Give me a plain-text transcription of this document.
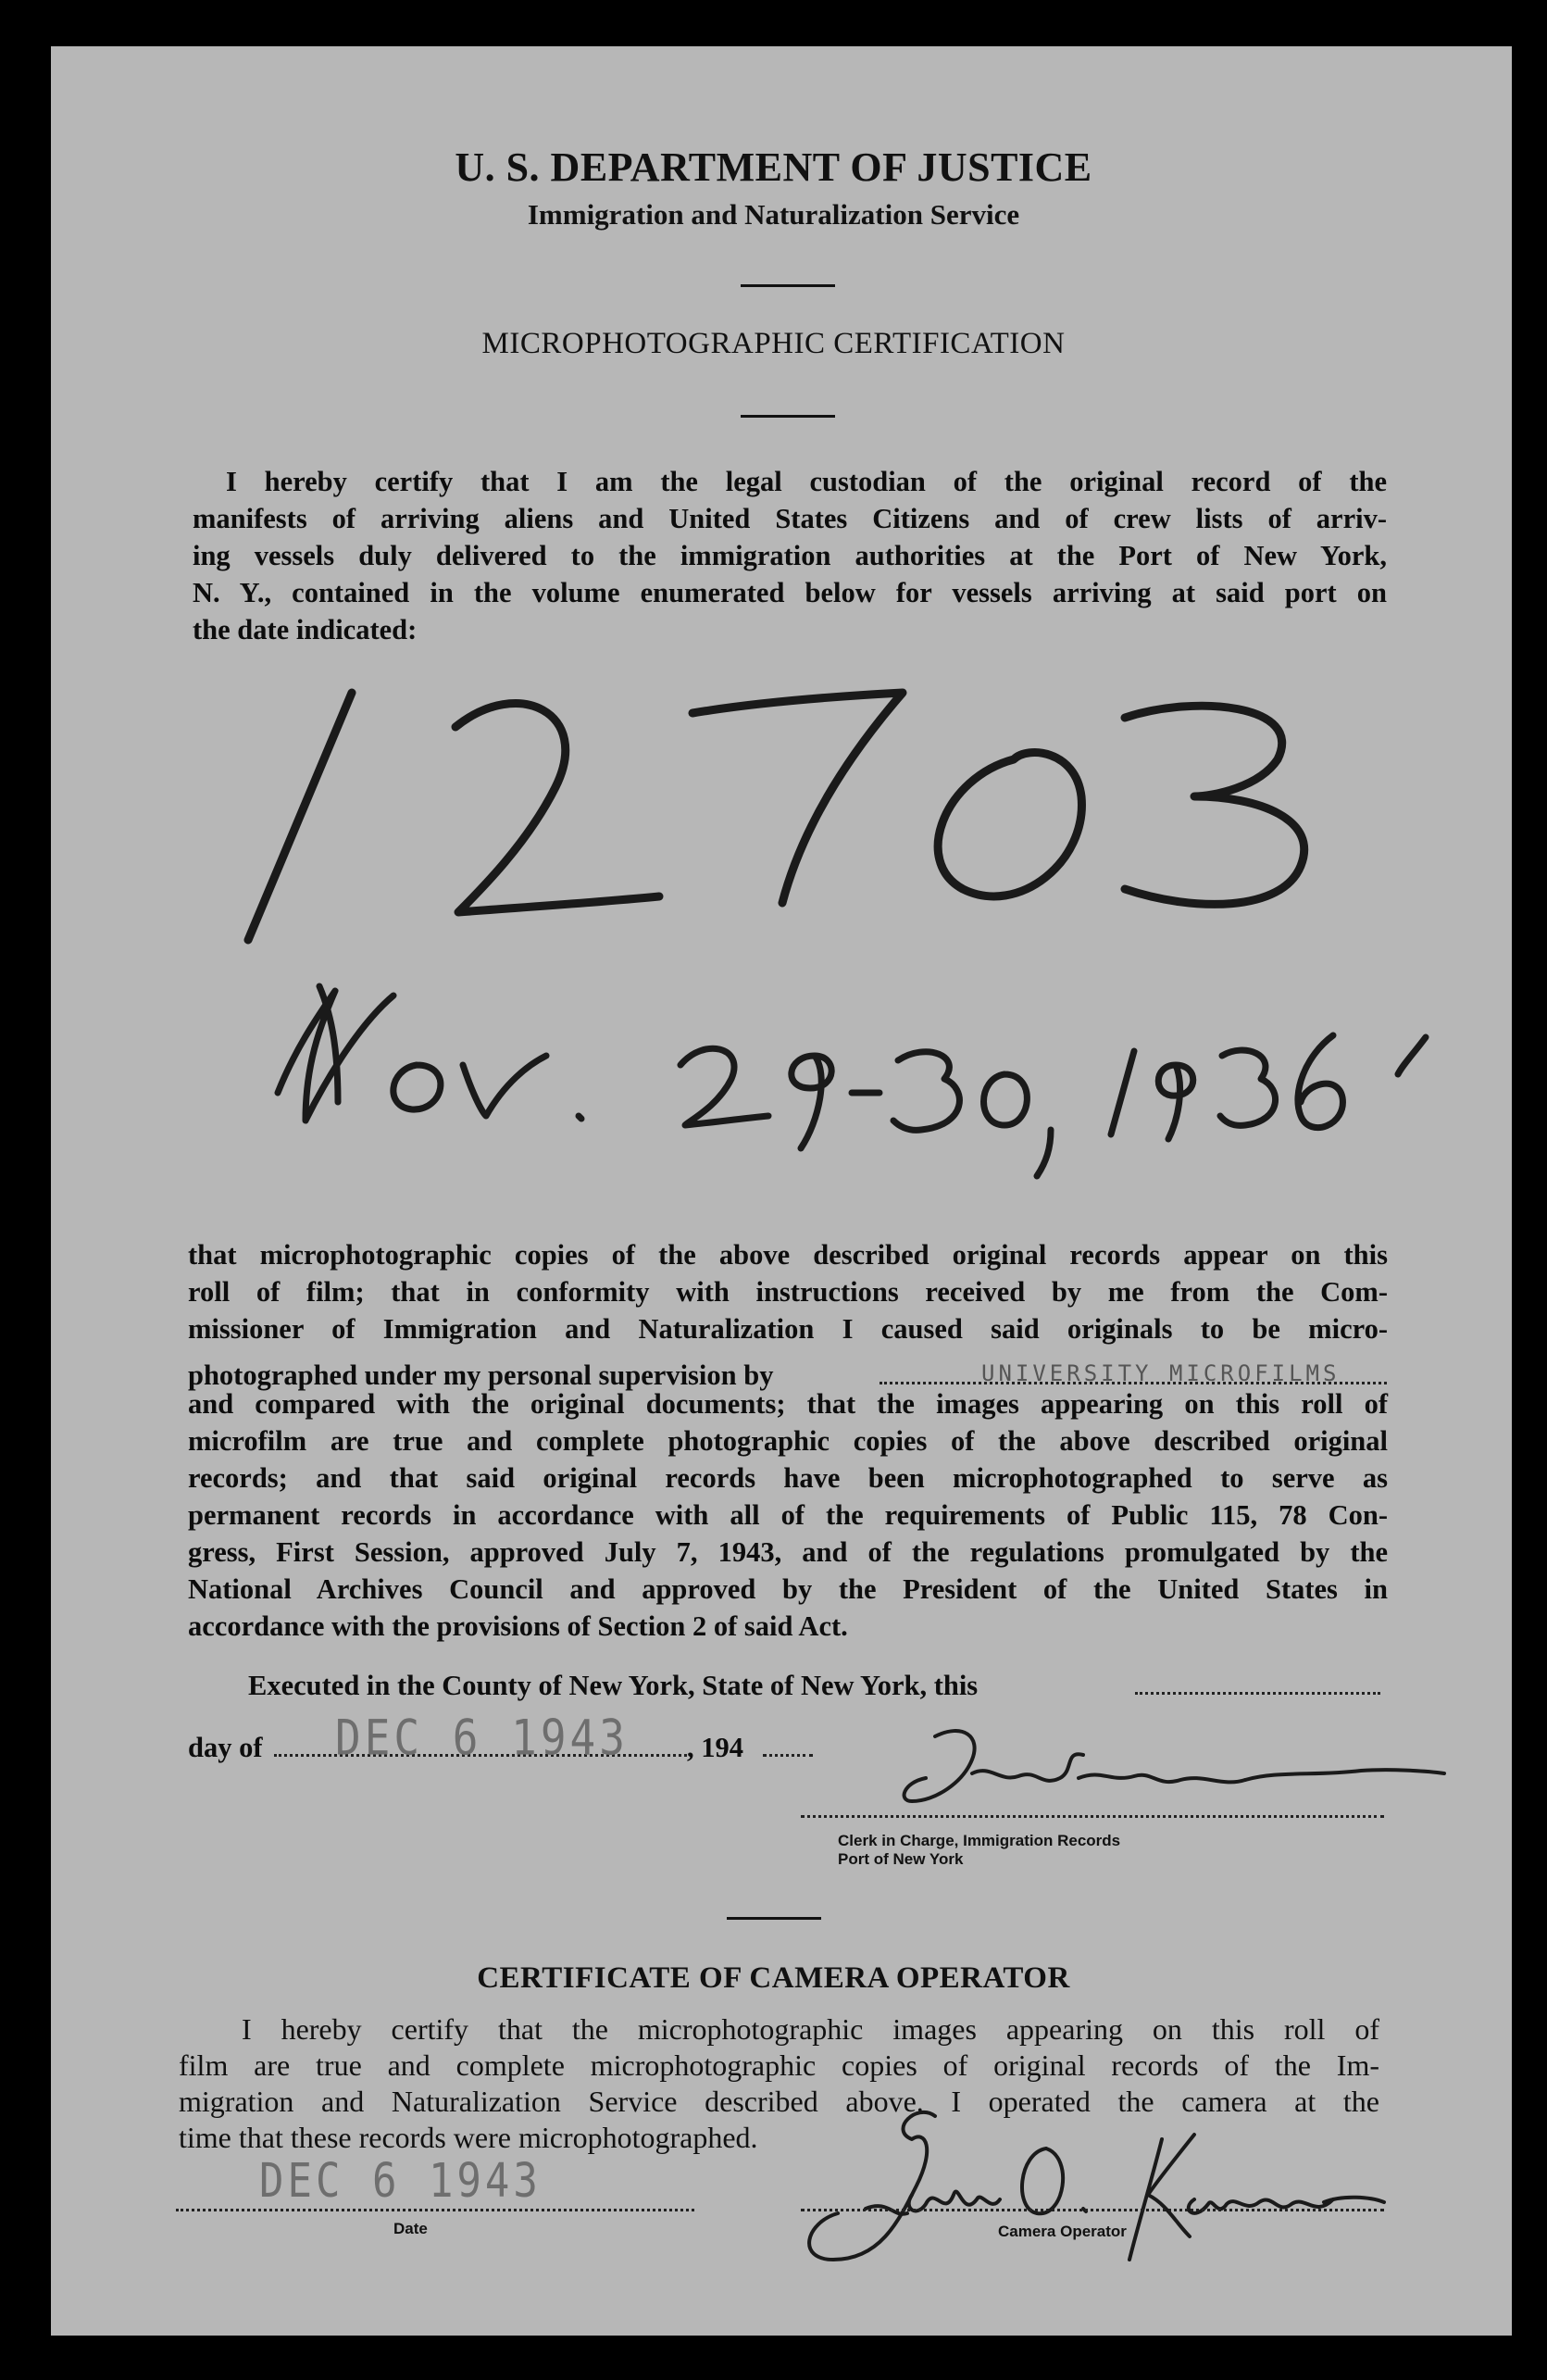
U. S. DEPARTMENT OF JUSTICE
Immigration and Naturalization Service
MICROPHOTOGRAPHIC CERTIFICATION
I hereby certify that I am the legal custodian of the original record of the
manifests of arriving aliens and United States Citizens and of crew lists of arriv-
ing vessels duly delivered to the immigration authorities at the Port of New York,
N. Y., contained in the volume enumerated below for vessels arriving at said port on
the date indicated:
that microphotographic copies of the above described original records appear on this
roll of film; that in conformity with instructions received by me from the Com-
missioner of Immigration and Naturalization I caused said originals to be micro-
photographed under my personal supervision by	UNIVERSITY MICROFILMS
and compared with the original documents; that the images appearing on this roll of
microfilm are true and complete photographic copies of the above described original
records; and that said original records have been microphotographed to serve as
permanent records in accordance with all of the requirements of Public 115, 78 Con-
gress, First Session, approved July 7, 1943, and of the regulations promulgated by the
National Archives Council and approved by the President of the United States in
accordance with the provisions of Section 2 of said Act.
Executed in the County of New York, State of New York, this
day of DEC 6 1943 , 194
Clerk in Charge, Immigration Records
Port of New York
CERTIFICATE OF CAMERA OPERATOR
I hereby certify that the microphotographic images appearing on this roll of
film are true and complete microphotographic copies of original records of the Im-
migration and Naturalization Service described above. I operated the camera at the
time that these records were microphotographed.
DEC 6 1943
Date	Camera Operator
